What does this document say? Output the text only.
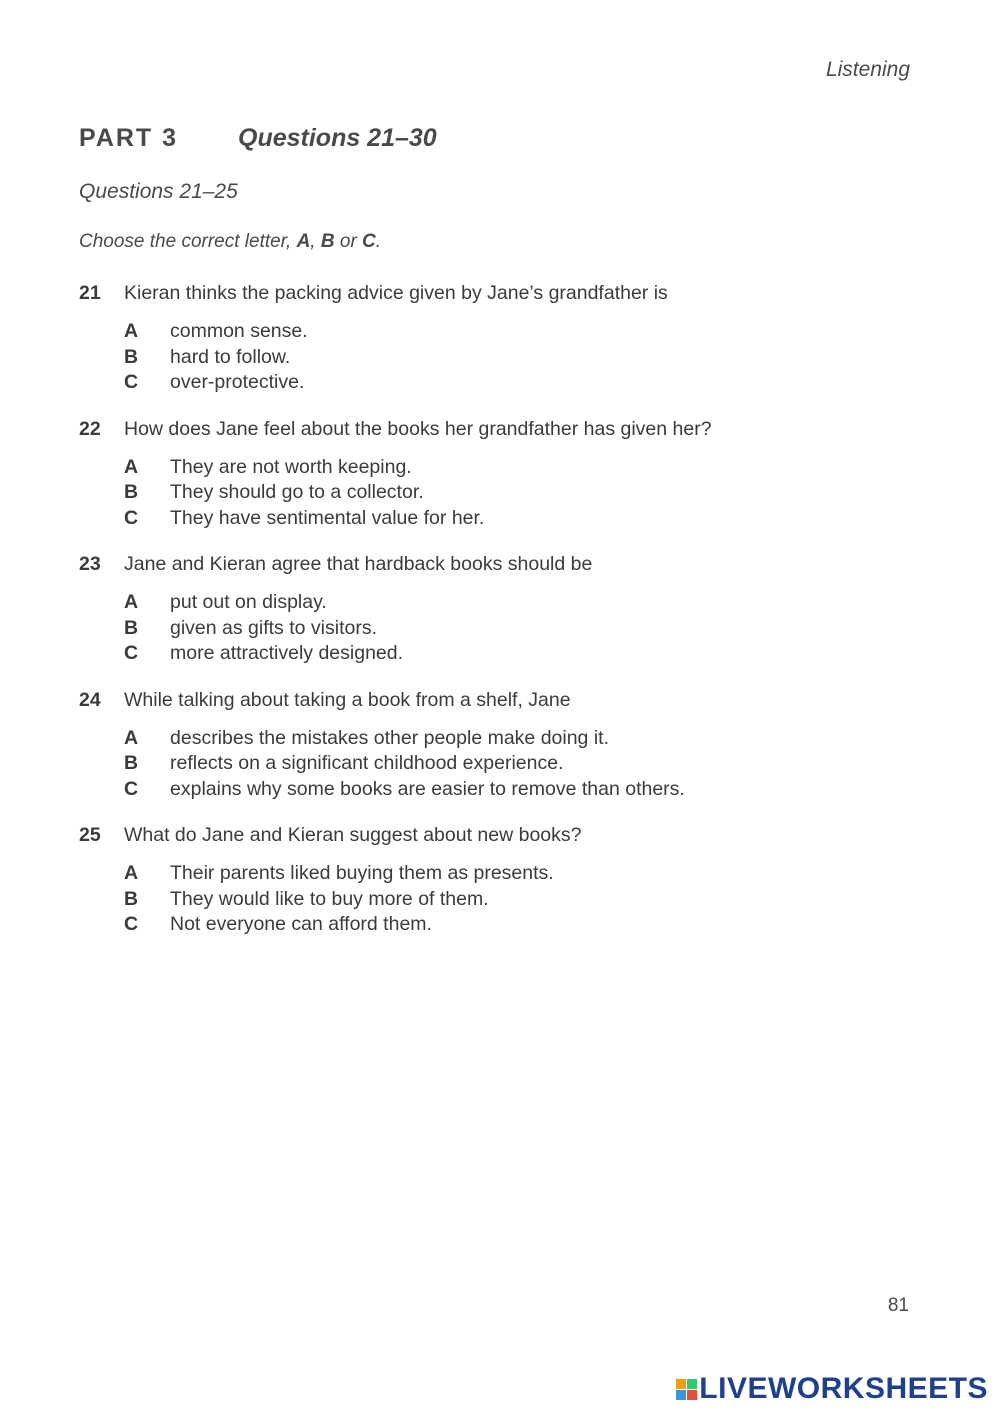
Listening
PART 3 Questions 21–30
Questions 21–25
Choose the correct letter, A, B or C.
21 Kieran thinks the packing advice given by Jane’s grandfather is
A common sense.
B hard to follow.
C over-protective.
22 How does Jane feel about the books her grandfather has given her?
A They are not worth keeping.
B They should go to a collector.
C They have sentimental value for her.
23 Jane and Kieran agree that hardback books should be
A put out on display.
B given as gifts to visitors.
C more attractively designed.
24 While talking about taking a book from a shelf, Jane
A describes the mistakes other people make doing it.
B reflects on a significant childhood experience.
C explains why some books are easier to remove than others.
25 What do Jane and Kieran suggest about new books?
A Their parents liked buying them as presents.
B They would like to buy more of them.
C Not everyone can afford them.
81
LIVEWORKSHEETS
